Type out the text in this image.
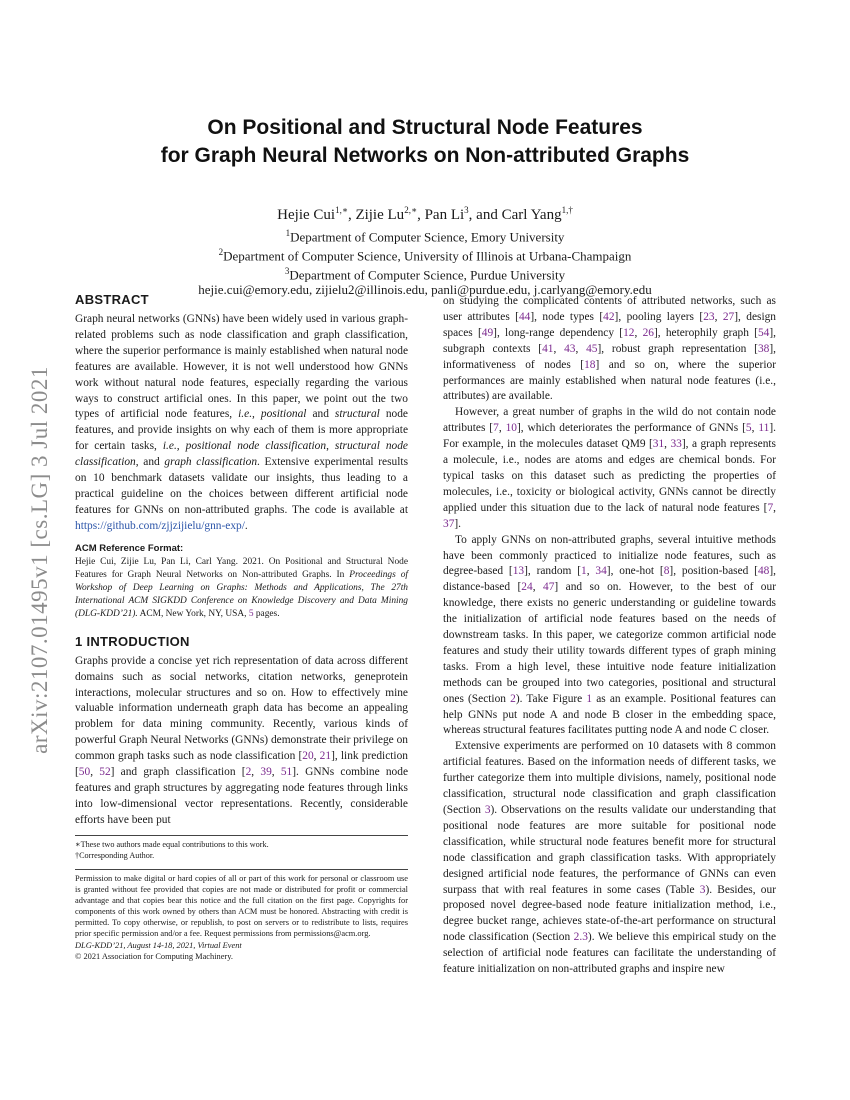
arXiv:2107.01495v1 [cs.LG] 3 Jul 2021
On Positional and Structural Node Features
for Graph Neural Networks on Non-attributed Graphs
Hejie Cui$^{1,∗}$, Zijie $Lu^{2,∗}$, Pan Li$^3$, and Carl Yang$^{1,\dagger}$
$^1$Department of Computer Science, Emory University
$^2$Department of Computer Science, University of Illinois at Urbana-Champaign
$^3$Department of Computer Science, Purdue University
hejie.cui@emory.edu, zijielu2@illinois.edu, panli@purdue.edu, j.carlyang@emory.edu
ABSTRACT

Graph neural networks (GNNs) have been widely used in various graph-related problems such as node classification and graph classification, where the superior performance is mainly established when natural node features are available. However, it is not well understood how GNNs work without natural node features, especially regarding the various ways to construct artificial ones. In this paper, we point out the two types of artificial node features, i.e., positional and structural node features, and provide insights on why each of them is more appropriate for certain tasks, i.e., positional node classification, structural node classification, and graph classification. Extensive experimental results on 10 benchmark datasets validate our insights, thus leading to a practical guideline on the choices between different artificial node features for GNNs on non-attributed graphs. The code is available at https://github.com/zjjzijielu/gnn-exp/.

ACM Reference Format:

Hejie Cui, Zijie Lu, Pan Li, Carl Yang. 2021. On Positional and Structural Node Features for Graph Neural Networks on Non-attributed Graphs. In Proceedings of Workshop of Deep Learning on Graphs: Methods and Applications, The 27th International ACM SIGKDD Conference on Knowledge Discovery and Data Mining (DLG-KDD’21). ACM, New York, NY, USA, 5 pages.

1 INTRODUCTION

Graphs provide a concise yet rich representation of data across different domains such as social networks, citation networks, geneprotein interactions, molecular structures and so on. How to effectively mine valuable information underneath graph data has become an appealing problem for data mining community. Recently, various kinds of powerful Graph Neural Networks (GNNs) demonstrate their privilege on common graph tasks such as node classification [20, 21], link prediction [50, 52] and graph classification [2, 39, 51]. GNNs combine node features and graph structures by aggregating node features through links into low-dimensional vector representations. Recently, considerable efforts have been put

∗These two authors made equal contributions to this work.
†Corresponding Author.

Permission to make digital or hard copies of all or part of this work for personal or classroom use is granted without fee provided that copies are not made or distributed for profit or commercial advantage and that copies bear this notice and the full citation on the first page. Copyrights for components of this work owned by others than ACM must be honored. Abstracting with credit is permitted. To copy otherwise, or republish, to post on servers or to redistribute to lists, requires prior specific permission and/or a fee. Request permissions from permissions@acm.org.

DLG-KDD’21, August 14-18, 2021, Virtual Event

© 2021 Association for Computing Machinery.

on studying the complicated contents of attributed networks, such as user attributes [44], node types [42], pooling layers [23, 27], design spaces [49], long-range dependency [12, 26], heterophily graph [54], subgraph contexts [41, 43, 45], robust graph representation [38], informativeness of nodes [18] and so on, where the superior performances are mainly established when natural node features (i.e., attributes) are available.

However, a great number of graphs in the wild do not contain node attributes [7, 10], which deteriorates the performance of GNNs [5, 11]. For example, in the molecules dataset QM9 [31, 33], a graph represents a molecule, i.e., nodes are atoms and edges are chemical bonds. For typical tasks on this dataset such as predicting the properties of molecules, i.e., toxicity or biological activity, GNNs cannot be directly applied under this situation due to the lack of natural node features [7, 37].

To apply GNNs on non-attributed graphs, several intuitive methods have been commonly practiced to initialize node features, such as degree-based [13], random [1, 34], one-hot [8], position-based [48], distance-based [24, 47] and so on. However, to the best of our knowledge, there exists no generic understanding or guideline towards the initialization of artificial node features based on the needs of downstream tasks. In this paper, we categorize common artificial node features and study their utility towards different types of graph mining tasks. From a high level, these intuitive node feature initialization methods can be grouped into two categories, positional and structural ones (Section 2). Take Figure 1 as an example. Positional features can help GNNs put node A and node B closer in the embedding space, whereas structural features facilitates putting node A and node C closer.

Extensive experiments are performed on 10 datasets with 8 common artificial features. Based on the information needs of different tasks, we further categorize them into multiple divisions, namely, positional node classification, structural node classification and graph classification (Section 3). Observations on the results validate our understanding that positional node features are more suitable for positional node classification, while structural node features benefit more for structural node classification and graph classification tasks. With appropriately designed artificial node features, the performance of GNNs can even surpass that with real features in some cases (Table 3). Besides, our proposed novel degree-based node feature initialization method, i.e., degree bucket range, achieves state-of-the-art performance on structural node classification (Section 2.3). We believe this empirical study on the selection of artificial node features can facilitate the understanding of feature initialization on non-attributed graphs and inspire new
